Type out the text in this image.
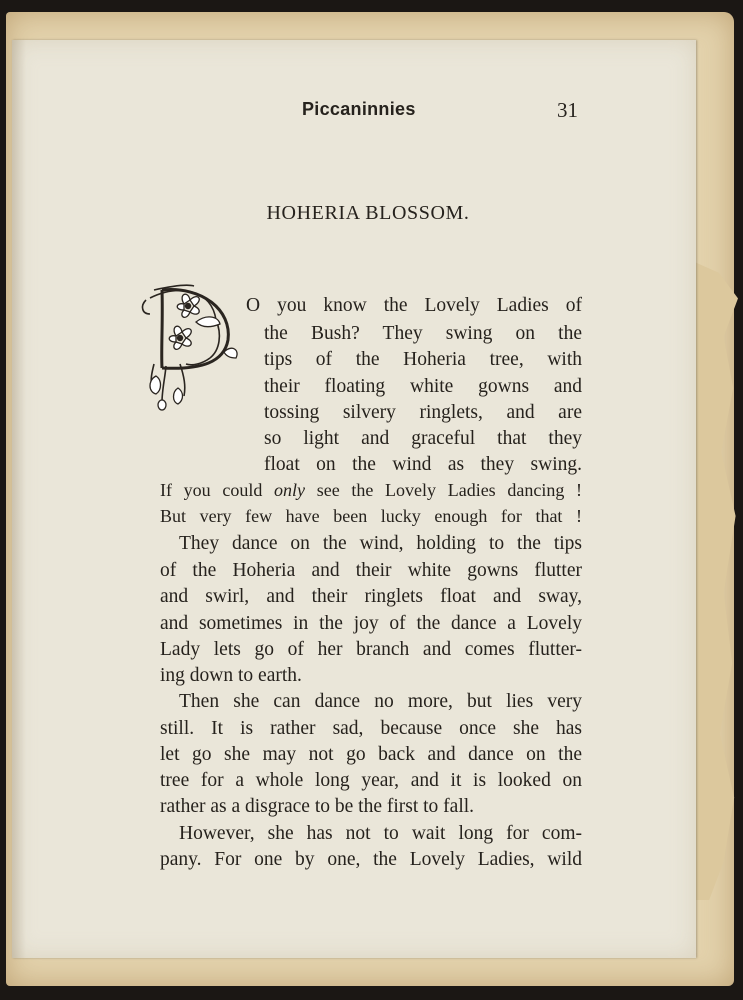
Piccaninnies	31
HOHERIA BLOSSOM.
O you know the Lovely Ladies of
the Bush? They swing on the
tips of the Hoheria tree, with
their floating white gowns and
tossing silvery ringlets, and are
so light and graceful that they
float on the wind as they swing.
If you could only see the Lovely Ladies dancing !
But very few have been lucky enough for that !
They dance on the wind, holding to the tips
of the Hoheria and their white gowns flutter
and swirl, and their ringlets float and sway,
and sometimes in the joy of the dance a Lovely
Lady lets go of her branch and comes flutter-
ing down to earth.
Then she can dance no more, but lies very
still. It is rather sad, because once she has
let go she may not go back and dance on the
tree for a whole long year, and it is looked on
rather as a disgrace to be the first to fall.
However, she has not to wait long for com-
pany. For one by one, the Lovely Ladies, wild
